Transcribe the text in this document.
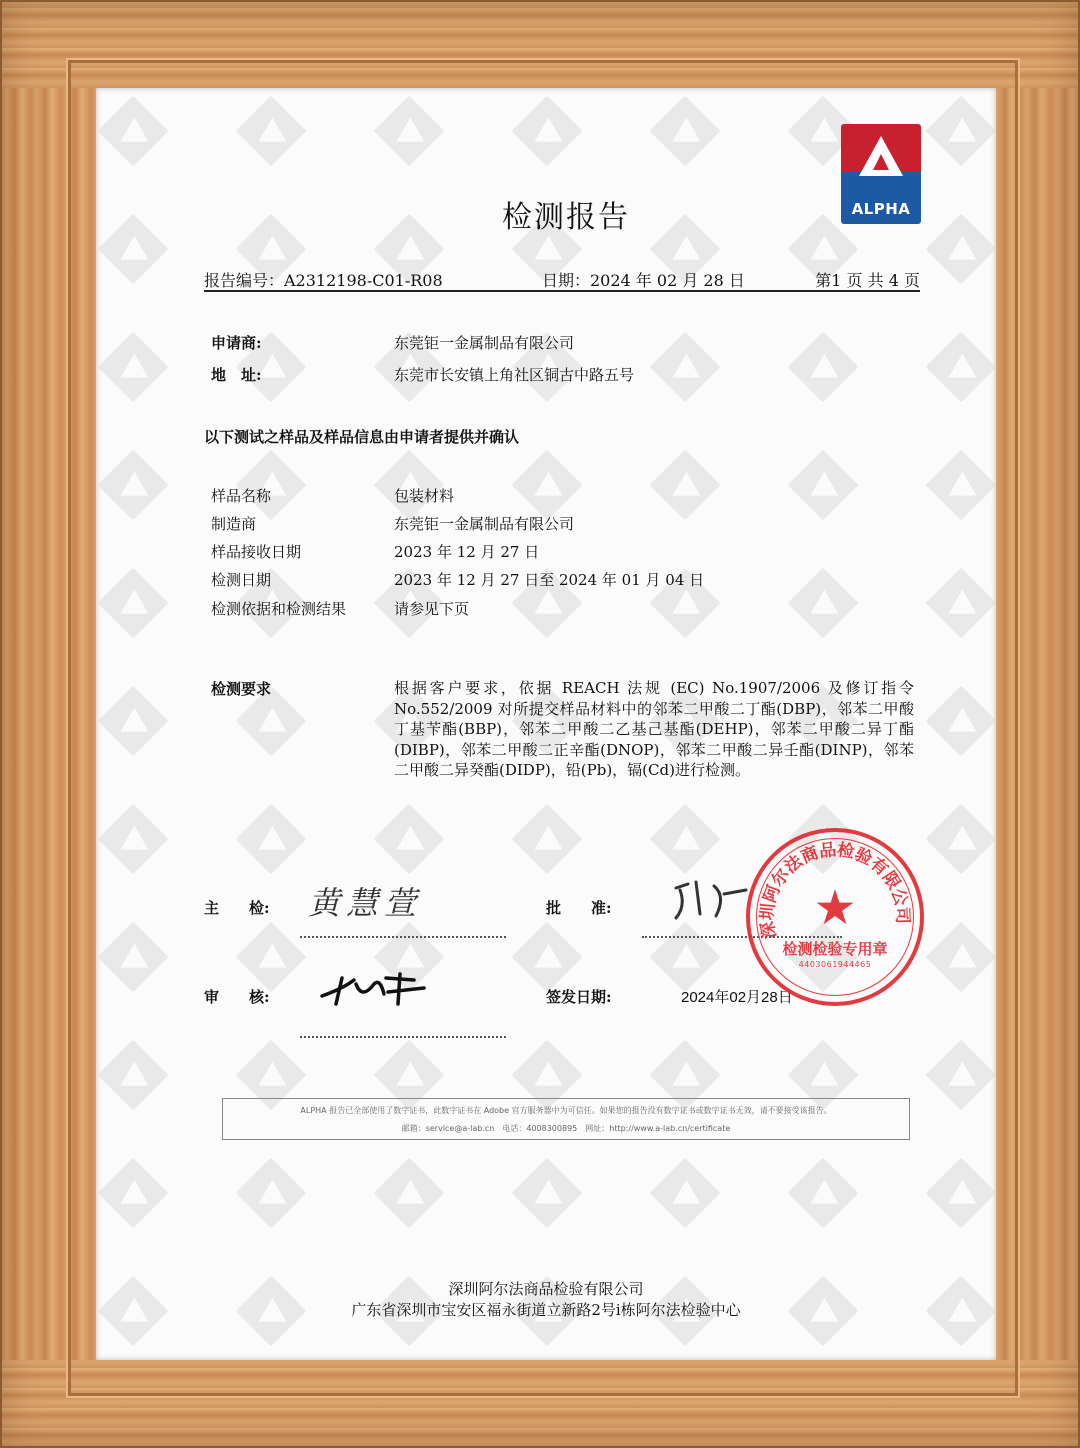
ALPHA
检测报告
报告编号：A2312198-C01-R08	日期：2024 年 02 月 28 日	第1 页 共 4 页
申请商:	东莞钜一金属制品有限公司
地　址:	东莞市长安镇上角社区铜古中路五号
以下测试之样品及样品信息由申请者提供并确认
样品名称	包装材料
制造商	东莞钜一金属制品有限公司
样品接收日期	2023 年 12 月 27 日
检测日期	2023 年 12 月 27 日至 2024 年 01 月 04 日
检测依据和检测结果	请参见下页
检测要求	根据客户要求，依据 REACH 法规 (EC) No.1907/2006 及修订指令 No.552/2009 对所提交样品材料中的邻苯二甲酸二丁酯(DBP)，邻苯二甲酸丁基苄酯(BBP)，邻苯二甲酸二乙基己基酯(DEHP)，邻苯二甲酸二异丁酯(DIBP)，邻苯二甲酸二正辛酯(DNOP)，邻苯二甲酸二异壬酯(DINP)，邻苯二甲酸二异癸酯(DIDP)，铅(Pb)，镉(Cd)进行检测。
主　　检: 黄慧萱	批　　准:
审　　核:	签发日期:	2024年02月28日
深圳阿尔法商品检验有限公司
★
检测检验专用章
4403061944465
ALPHA 报告已全部使用了数字证书，此数字证书在 Adobe 官方服务器中为可信任。如果您的报告没有数字证书或数字证书无效，请不要接受该报告。
邮箱：service@a-lab.cn　电话：4008300895　网址：http://www.a-lab.cn/certificate
深圳阿尔法商品检验有限公司
广东省深圳市宝安区福永街道立新路2号i栋阿尔法检验中心
